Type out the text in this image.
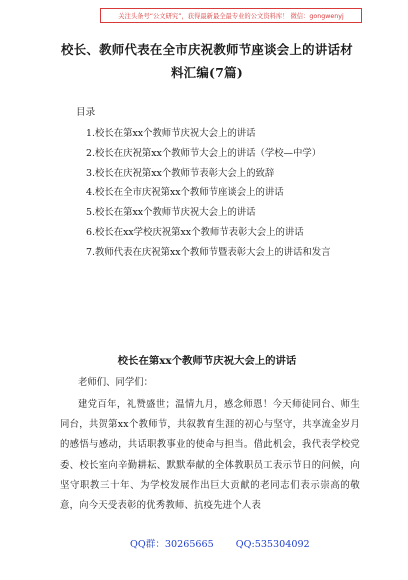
关注头条号“公文研究”，获得最新最全最专业的公文资料库！ 微信：gongwenyj
校长、教师代表在全市庆祝教师节座谈会上的讲话材料汇编(7篇)
目录
1.校长在第xx个教师节庆祝大会上的讲话
2.校长在庆祝第xx个教师节大会上的讲话（学校—中学）
3.校长在庆祝第xx个教师节表彰大会上的致辞
4.校长在全市庆祝第xx个教师节座谈会上的讲话
5.校长在第xx个教师节庆祝大会上的讲话
6.校长在xx学校庆祝第xx个教师节表彰大会上的讲话
7.教师代表在庆祝第xx个教师节暨表彰大会上的讲话和发言
校长在第xx个教师节庆祝大会上的讲话
老师们、同学们：
建党百年，礼赞盛世；温情九月，感念师恩！今天师徒同台、师生同台，共贺第xx个教师节，共叙教育生涯的初心与坚守，共享流金岁月的感悟与感动，共话职教事业的使命与担当。借此机会，我代表学校党委、校长室向辛勤耕耘、默默奉献的全体教职员工表示节日的问候，向坚守职教三十年、为学校发展作出巨大贡献的老同志们表示崇高的敬意，向今天受表彰的优秀教师、抗疫先进个人表
QQ群：30265665 QQ:535304092
